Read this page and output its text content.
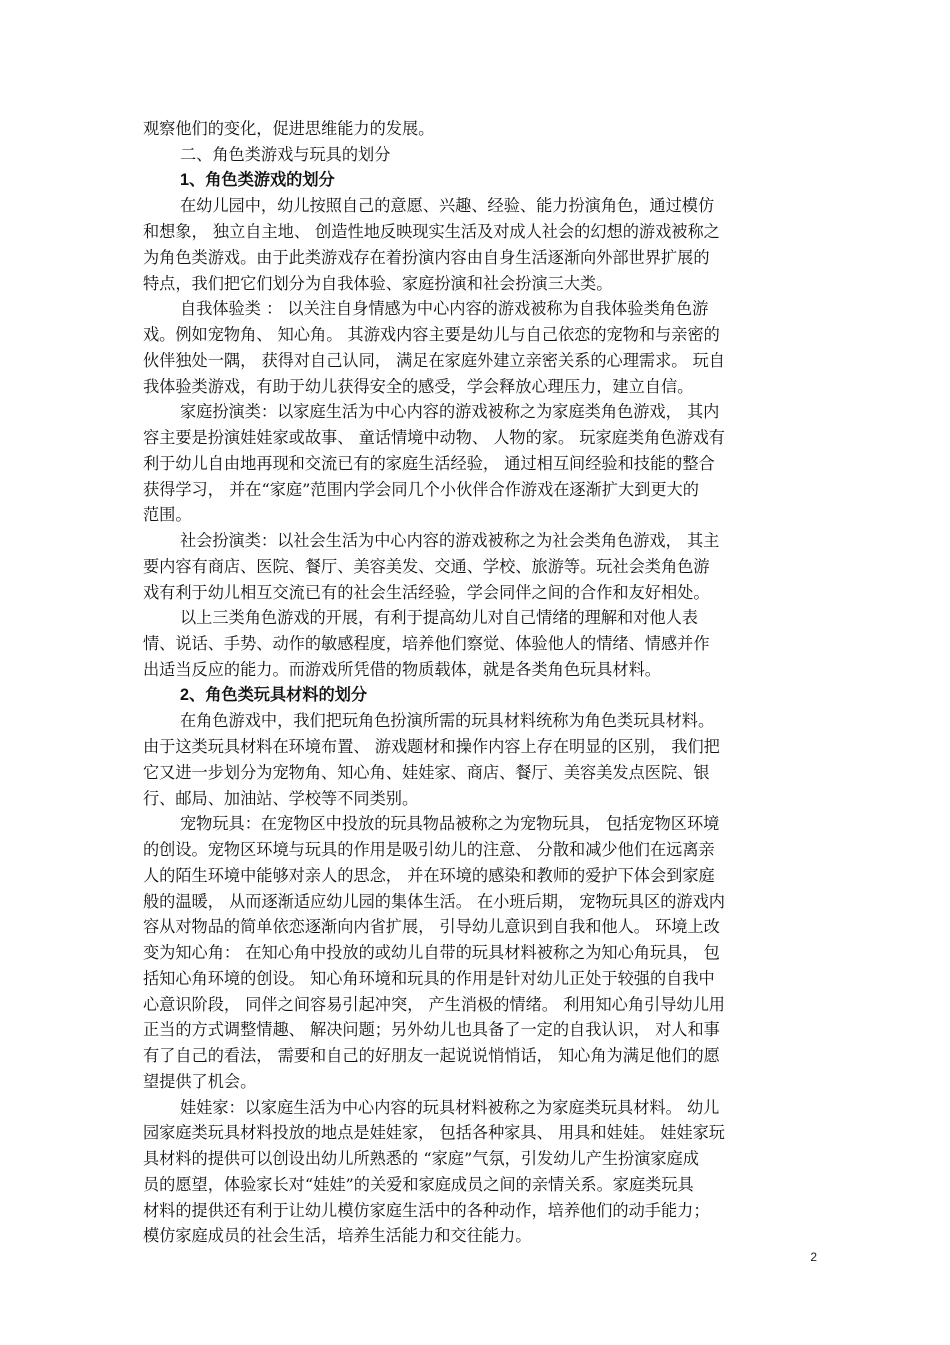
观察他们的变化，促进思维能力的发展。
二、角色类游戏与玩具的划分
1、角色类游戏的划分
在幼儿园中，幼儿按照自己的意愿、兴趣、经验、能力扮演角色，通过模仿
和想象， 独立自主地、 创造性地反映现实生活及对成人社会的幻想的游戏被称之
为角色类游戏。由于此类游戏存在着扮演内容由自身生活逐渐向外部世界扩展的
特点，我们把它们划分为自我体验、家庭扮演和社会扮演三大类。
自我体验类 ： 以关注自身情感为中心内容的游戏被称为自我体验类角色游
戏。例如宠物角、 知心角。 其游戏内容主要是幼儿与自己依恋的宠物和与亲密的
伙伴独处一隅， 获得对自己认同， 满足在家庭外建立亲密关系的心理需求。 玩自
我体验类游戏，有助于幼儿获得安全的感受，学会释放心理压力，建立自信。
家庭扮演类：以家庭生活为中心内容的游戏被称之为家庭类角色游戏， 其内
容主要是扮演娃娃家或故事、 童话情境中动物、 人物的家。 玩家庭类角色游戏有
利于幼儿自由地再现和交流已有的家庭生活经验， 通过相互间经验和技能的整合
获得学习， 并在“家庭”范围内学会同几个小伙伴合作游戏在逐渐扩大到更大的
范围。
社会扮演类：以社会生活为中心内容的游戏被称之为社会类角色游戏， 其主
要内容有商店、医院、餐厅、美容美发、交通、学校、旅游等。玩社会类角色游
戏有利于幼儿相互交流已有的社会生活经验，学会同伴之间的合作和友好相处。
以上三类角色游戏的开展，有利于提高幼儿对自己情绪的理解和对他人表
情、说话、手势、动作的敏感程度，培养他们察觉、体验他人的情绪、情感并作
出适当反应的能力。而游戏所凭借的物质载体，就是各类角色玩具材料。
2、角色类玩具材料的划分
在角色游戏中，我们把玩角色扮演所需的玩具材料统称为角色类玩具材料。
由于这类玩具材料在环境布置、 游戏题材和操作内容上存在明显的区别， 我们把
它又进一步划分为宠物角、知心角、娃娃家、商店、餐厅、美容美发点医院、银
行、邮局、加油站、学校等不同类别。
宠物玩具：在宠物区中投放的玩具物品被称之为宠物玩具， 包括宠物区环境
的创设。宠物区环境与玩具的作用是吸引幼儿的注意、 分散和减少他们在远离亲
人的陌生环境中能够对亲人的思念， 并在环境的感染和教师的爱护下体会到家庭
般的温暖， 从而逐渐适应幼儿园的集体生活。 在小班后期， 宠物玩具区的游戏内
容从对物品的简单依恋逐渐向内省扩展， 引导幼儿意识到自我和他人。 环境上改
变为知心角： 在知心角中投放的或幼儿自带的玩具材料被称之为知心角玩具， 包
括知心角环境的创设。 知心角环境和玩具的作用是针对幼儿正处于较强的自我中
心意识阶段， 同伴之间容易引起冲突， 产生消极的情绪。 利用知心角引导幼儿用
正当的方式调整情趣、 解决问题；另外幼儿也具备了一定的自我认识， 对人和事
有了自己的看法， 需要和自己的好朋友一起说说悄悄话， 知心角为满足他们的愿
望提供了机会。
娃娃家：以家庭生活为中心内容的玩具材料被称之为家庭类玩具材料。 幼儿
园家庭类玩具材料投放的地点是娃娃家， 包括各种家具、 用具和娃娃。 娃娃家玩
具材料的提供可以创设出幼儿所熟悉的 “家庭”气氛，引发幼儿产生扮演家庭成
员的愿望，体验家长对“娃娃”的关爱和家庭成员之间的亲情关系。家庭类玩具
材料的提供还有利于让幼儿模仿家庭生活中的各种动作，培养他们的动手能力；
模仿家庭成员的社会生活，培养生活能力和交往能力。
2
